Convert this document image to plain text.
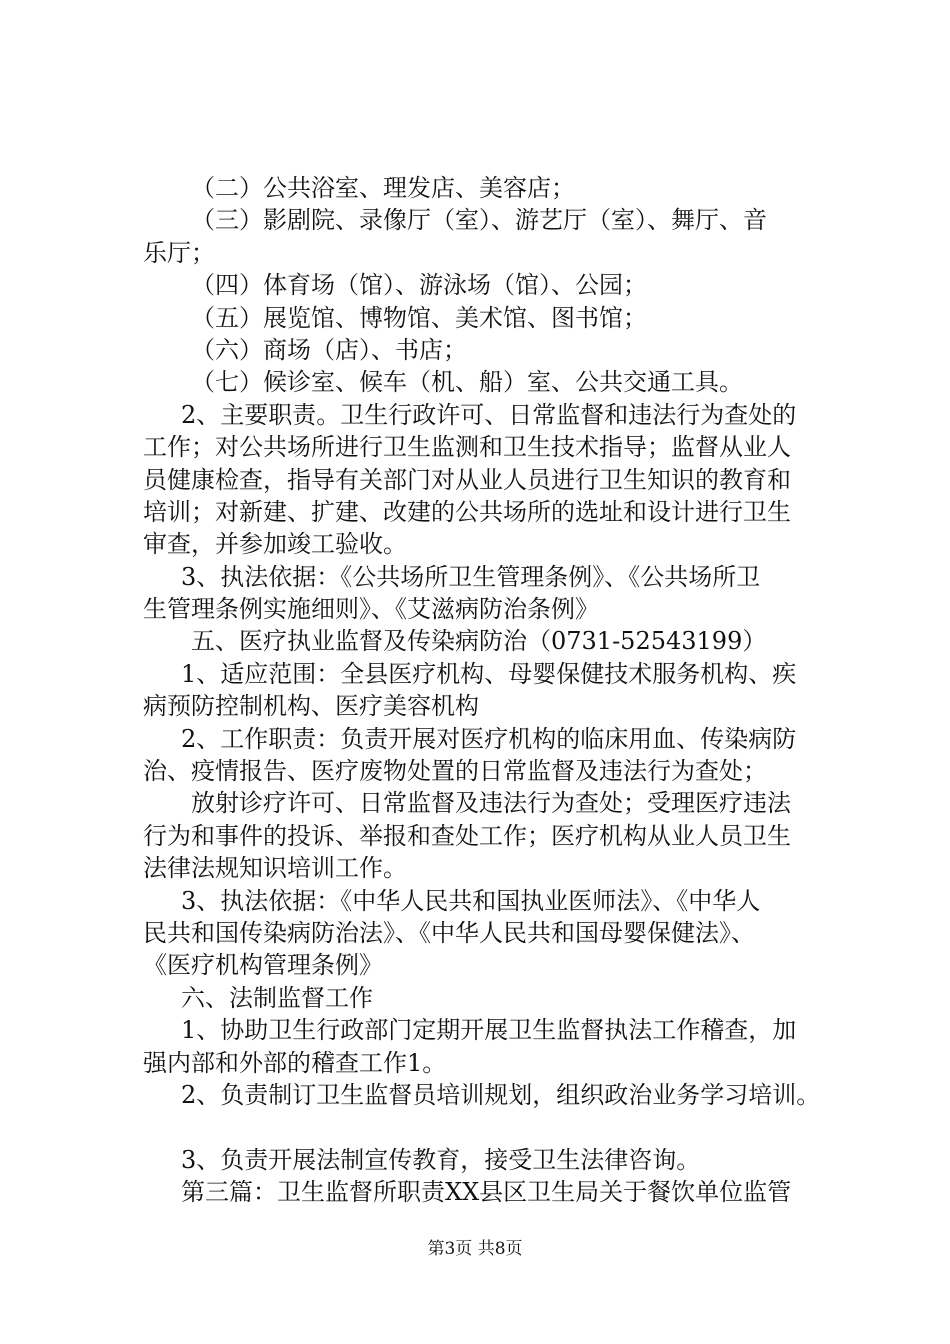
（二）公共浴室、理发店、美容店；
（三）影剧院、录像厅（室）、游艺厅（室）、舞厅、音
乐厅；
（四）体育场（馆）、游泳场（馆）、公园；
（五）展览馆、博物馆、美术馆、图书馆；
（六）商场（店）、书店；
（七）候诊室、候车（机、船）室、公共交通工具。
2、主要职责。卫生行政许可、日常监督和违法行为查处的
工作；对公共场所进行卫生监测和卫生技术指导；监督从业人
员健康检查，指导有关部门对从业人员进行卫生知识的教育和
培训；对新建、扩建、改建的公共场所的选址和设计进行卫生
审查，并参加竣工验收。
3、执法依据：《公共场所卫生管理条例》、《公共场所卫
生管理条例实施细则》、《艾滋病防治条例》
五、医疗执业监督及传染病防治（0731-52543199）
1、适应范围：全县医疗机构、母婴保健技术服务机构、疾
病预防控制机构、医疗美容机构
2、工作职责：负责开展对医疗机构的临床用血、传染病防
治、疫情报告、医疗废物处置的日常监督及违法行为查处；
放射诊疗许可、日常监督及违法行为查处；受理医疗违法
行为和事件的投诉、举报和查处工作；医疗机构从业人员卫生
法律法规知识培训工作。
3、执法依据：《中华人民共和国执业医师法》、《中华人
民共和国传染病防治法》、《中华人民共和国母婴保健法》、
《医疗机构管理条例》
六、法制监督工作
1、协助卫生行政部门定期开展卫生监督执法工作稽查，加
强内部和外部的稽查工作1。
2、负责制订卫生监督员培训规划，组织政治业务学习培训。
3、负责开展法制宣传教育，接受卫生法律咨询。
第三篇：卫生监督所职责XX县区卫生局关于餐饮单位监管
第3页 共8页
